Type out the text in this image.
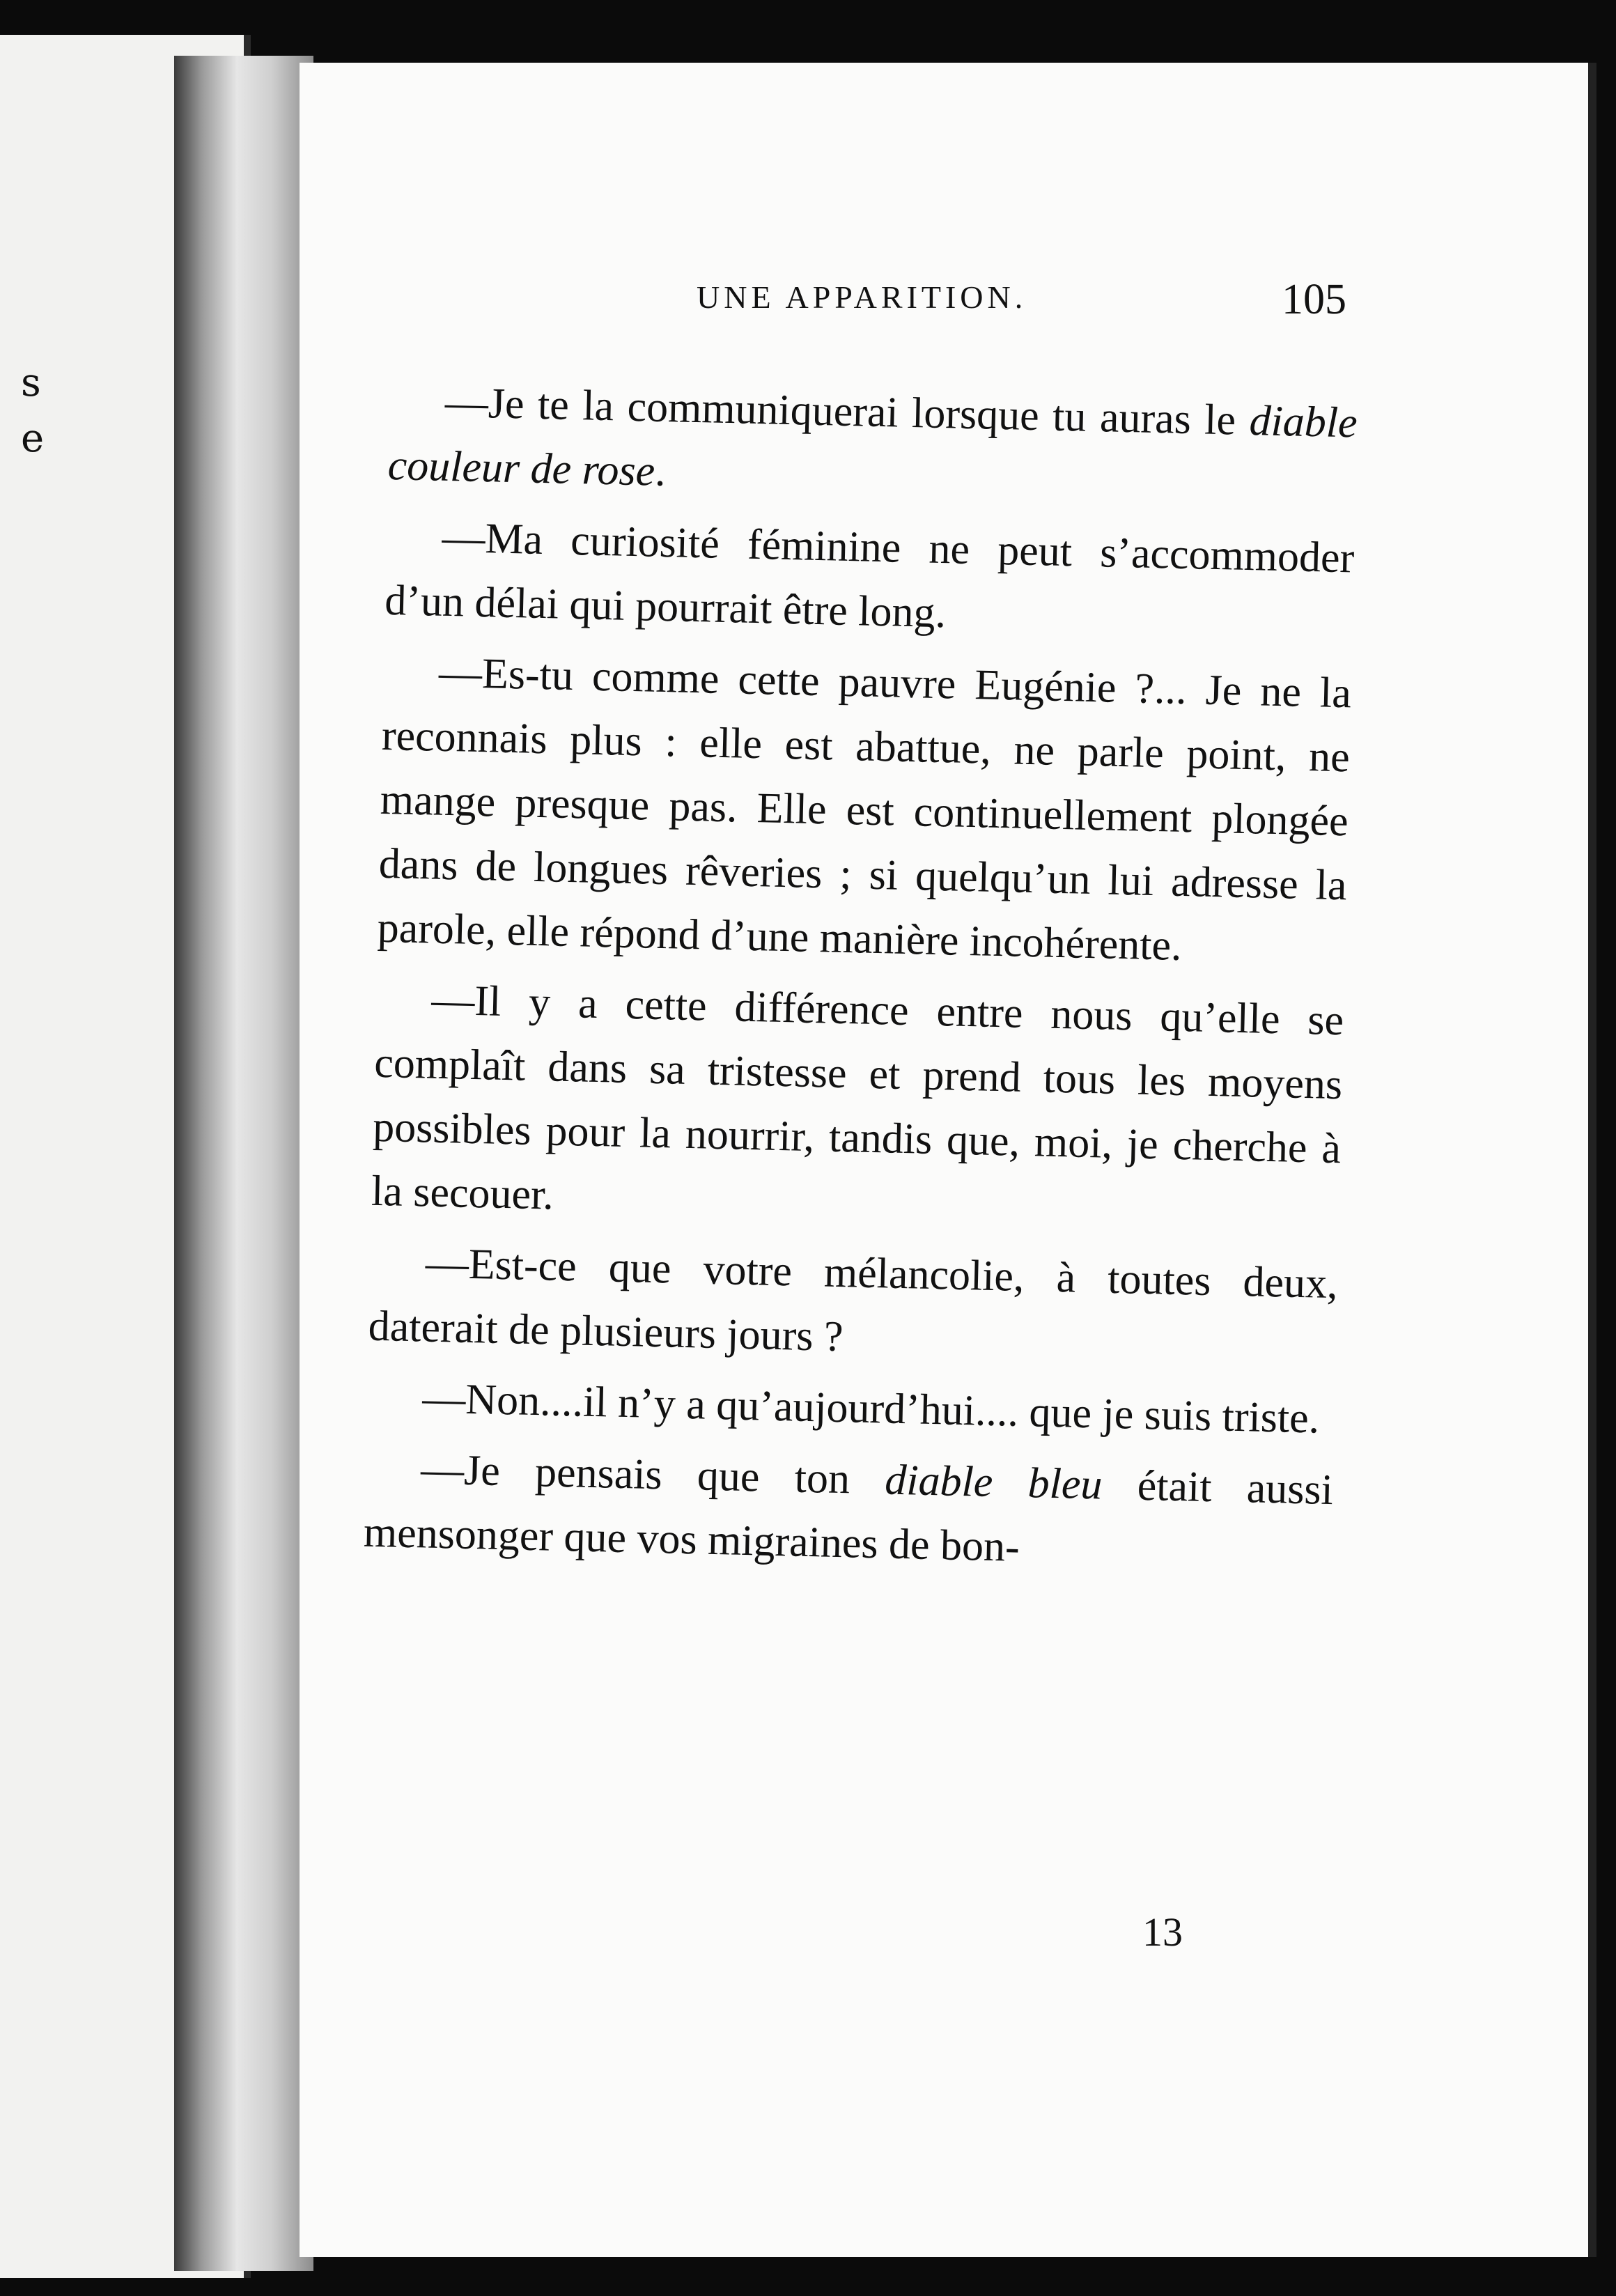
s
e
UNE APPARITION.	105

—Je te la communiquerai lorsque tu auras le diable couleur de rose.

—Ma curiosité féminine ne peut s’accommoder d’un délai qui pourrait être long.

—Es-tu comme cette pauvre Eugénie ?... Je ne la reconnais plus : elle est abattue, ne parle point, ne mange presque pas. Elle est continuellement plongée dans de longues rêveries ; si quelqu’un lui adresse la parole, elle répond d’une manière incohérente.

—Il y a cette différence entre nous qu’elle se complaît dans sa tristesse et prend tous les moyens possibles pour la nourrir, tandis que, moi, je cherche à la secouer.

—Est-ce que votre mélancolie, à toutes deux, daterait de plusieurs jours ?

—Non....il n’y a qu’aujourd’hui.... que je suis triste.

—Je pensais que ton diable bleu était aussi mensonger que vos migraines de bon-

13
